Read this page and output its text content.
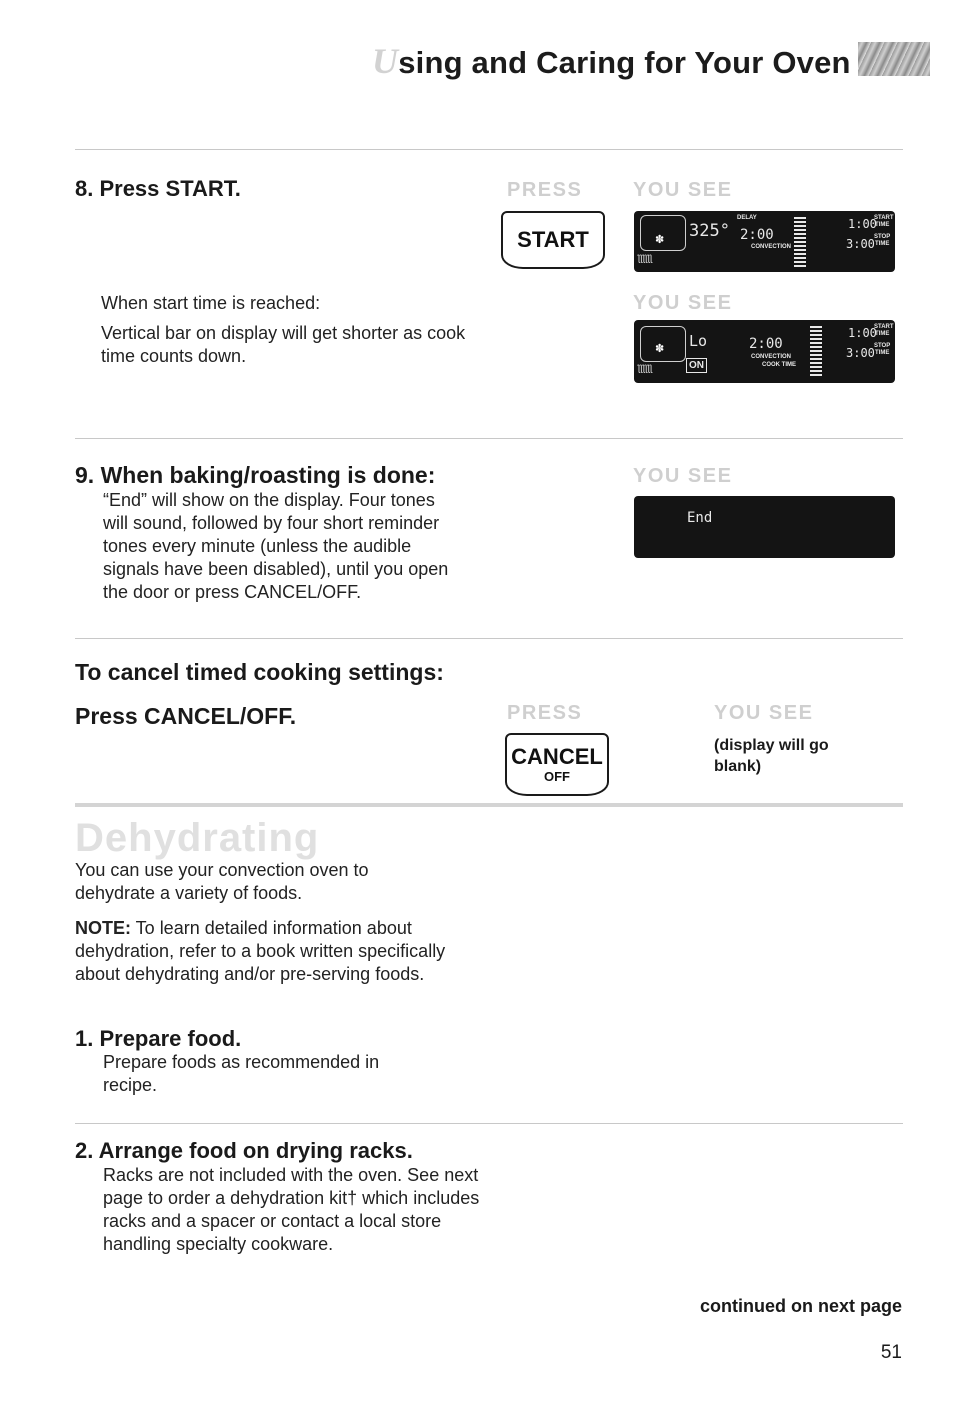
Using and Caring for Your Oven
8. Press START.	PRESS	YOU SEE
START	✽
ƪƪƪƪƪƪ
325°
DELAY
2:00
CONVECTION
1:00
START
TIME
3:00 STOP
TIME
When start time is reached:
Vertical bar on display will get shorter as cook time counts down.
YOU SEE
✽
ƪƪƪƪƪƪ	ON
Lo	2:00
CONVECTION
COOK TIME
1:00
START
TIME
3:00 STOP
TIME
9. When baking/roasting is done:
“End” will show on the display. Four tones will sound, followed by four short reminder tones every minute (unless the audible signals have been disabled), until you open the door or press CANCEL/OFF.
YOU SEE
End
To cancel timed cooking settings:
Press CANCEL/OFF.	PRESS	YOU SEE
CANCEL
OFF
(display will go blank)
Dehydrating
You can use your convection oven to dehydrate a variety of foods.
NOTE: To learn detailed information about dehydration, refer to a book written specifically about dehydrating and/or pre-serving foods.
1. Prepare food.
Prepare foods as recommended in recipe.
2. Arrange food on drying racks.
Racks are not included with the oven. See next page to order a dehydration kit† which includes racks and a spacer or contact a local store handling specialty cookware.
continued on next page
51
